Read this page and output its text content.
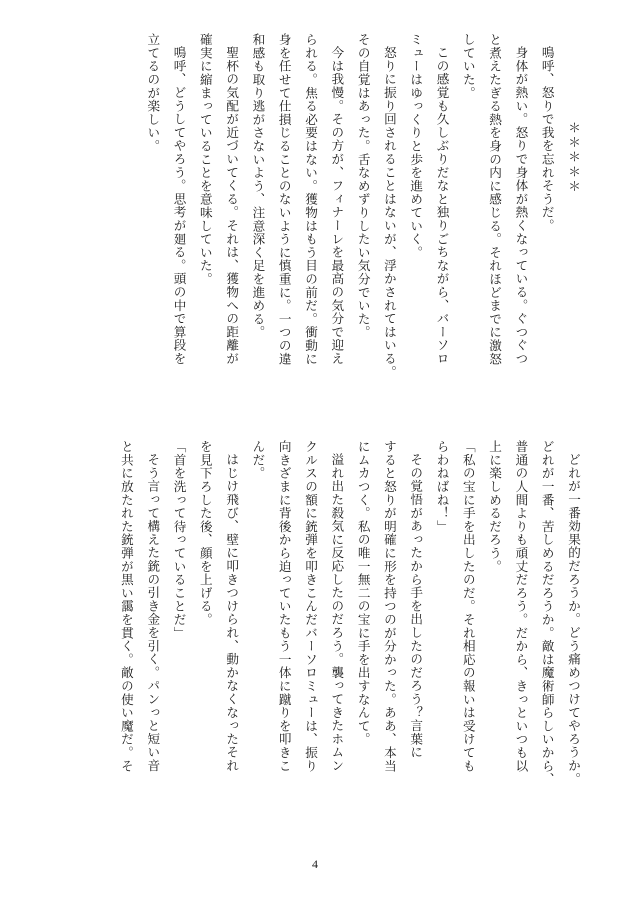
＊＊＊＊＊
鳴呼、怒りで我を忘れそうだ。
身体が熱い。怒りで身体が熱くなっている。ぐつぐつ
と煮えたぎる熱を身の内に感じる。それほどまでに激怒
していた。
この感覚も久しぶりだなと独りごちながら、バーソロ
ミューはゆっくりと歩を進めていく。
怒りに振り回されることはないが、浮かされてはいる。
その自覚はあった。舌なめずりしたい気分でいた。
今は我慢。その方が、フィナーレを最高の気分で迎え
られる。焦る必要はない。獲物はもう目の前だ。衝動に
身を任せて仕損じることのないように慎重に。一つの違
和感も取り逃がさないよう、注意深く足を進める。
聖杯の気配が近づいてくる。それは、獲物への距離が
確実に縮まっていることを意味していた。
鳴呼、どうしてやろう。思考が廻る。頭の中で算段を
立てるのが楽しい。
どれが一番効果的だろうか。どう痛めつけてやろうか。
どれが一番、苦しめるだろうか。敵は魔術師らしいから、
普通の人間よりも頑丈だろう。だから、きっといつも以
上に楽しめるだろう。
「私の宝に手を出したのだ。それ相応の報いは受けても
らわねばね！」
その覚悟があったから手を出したのだろう？言葉に
すると怒りが明確に形を持つのが分かった。ああ、本当
にムカつく。私の唯一無二の宝に手を出すなんて。
溢れ出た殺気に反応したのだろう。襲ってきたホムン
クルスの額に銃弾を叩きこんだバーソロミューは、振り
向きざまに背後から迫っていたもう一体に蹴りを叩きこ
んだ。
はじけ飛び、壁に叩きつけられ、動かなくなったそれ
を見下ろした後、顔を上げる。
「首を洗って待っていることだ」
そう言って構えた銃の引き金を引く。パンっと短い音
と共に放たれた銃弾が黒い靄を貫く。敵の使い魔だ。そ
4
